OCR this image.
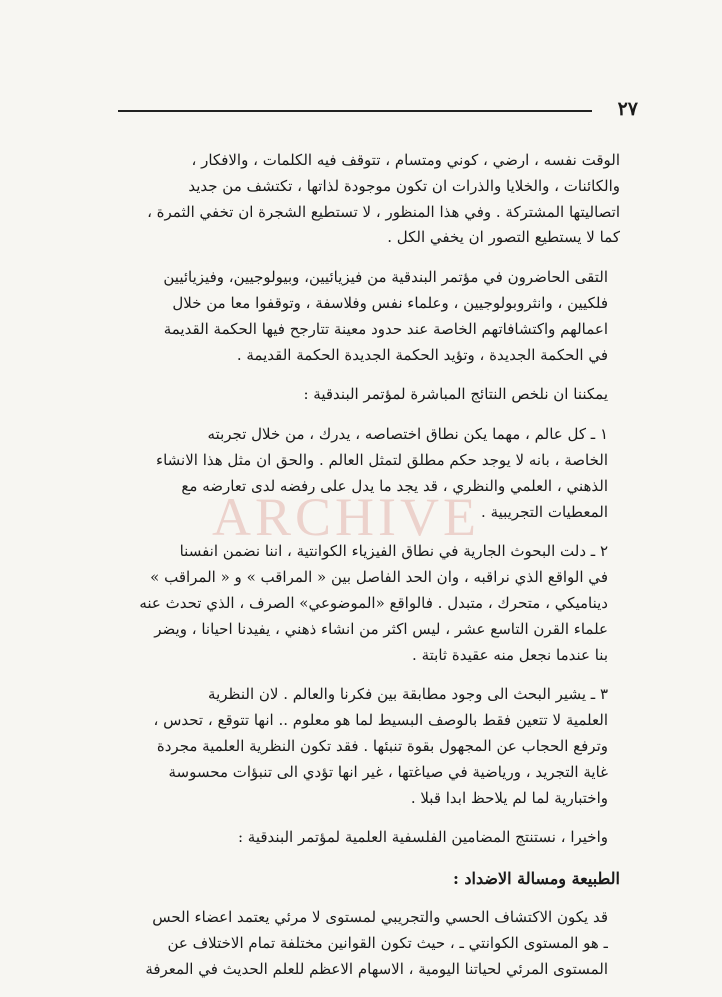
٢٧
ARCHIVE
الوقت نفسه ، ارضي ، كوني ومتسام ، تتوقف فيه الكلمات ، والافكار ،
والكائنات ، والخلايا والذرات ان تكون موجودة لذاتها ، تكتشف من جديد
اتصاليتها المشتركة . وفي هذا المنظور ، لا تستطيع الشجرة ان تخفي الثمرة ،
كما لا يستطيع التصور ان يخفي الكل .
التقى الحاضرون في مؤتمر البندقية من فيزيائيين، وبيولوجيين، وفيزيائيين
فلكيين ، وانثروبولوجيين ، وعلماء نفس وفلاسفة ، وتوقفوا معا من خلال
اعمالهم واكتشافاتهم الخاصة عند حدود معينة تتارجح فيها الحكمة القديمة
في الحكمة الجديدة ، وتؤيد الحكمة الجديدة الحكمة القديمة .
يمكننا ان نلخص النتائج المباشرة لمؤتمر البندقية :
١ ـ كل عالم ، مهما يكن نطاق اختصاصه ، يدرك ، من خلال تجربته
الخاصة ، بانه لا يوجد حكم مطلق لتمثل العالم . والحق ان مثل هذا الانشاء
الذهني ، العلمي والنظري ، قد يجد ما يدل على رفضه لدى تعارضه مع
المعطيات التجريبية .
٢ ـ دلت البحوث الجارية في نطاق الفيزياء الكوانتية ، اننا نضمن انفسنا
في الواقع الذي نراقبه ، وان الحد الفاصل بين « المراقب » و « المراقب »
ديناميكي ، متحرك ، متبدل . فالواقع «الموضوعي» الصرف ، الذي تحدث عنه
علماء القرن التاسع عشر ، ليس اكثر من انشاء ذهني ، يفيدنا احيانا ، ويضر
بنا عندما نجعل منه عقيدة ثابتة .
٣ ـ يشير البحث الى وجود مطابقة بين فكرنا والعالم . لان النظرية
العلمية لا تتعين فقط بالوصف البسيط لما هو معلوم .. انها تتوقع ، تحدس ،
وترفع الحجاب عن المجهول بقوة تنبئها . فقد تكون النظرية العلمية مجردة
غاية التجريد ، ورياضية في صياغتها ، غير انها تؤدي الى تنبؤات محسوسة
واختبارية لما لم يلاحظ ابدا قبلا .
واخيرا ، نستنتج المضامين الفلسفية العلمية لمؤتمر البندقية :
الطبيعة ومسالة الاضداد :
قد يكون الاكتشاف الحسي والتجريبي لمستوى لا مرئي يعتمد اعضاء الحس
ـ هو المستوى الكوانتي ـ ، حيث تكون القوانين مختلفة تمام الاختلاف عن
المستوى المرئي لحياتنا اليومية ، الاسهام الاعظم للعلم الحديث في المعرفة
